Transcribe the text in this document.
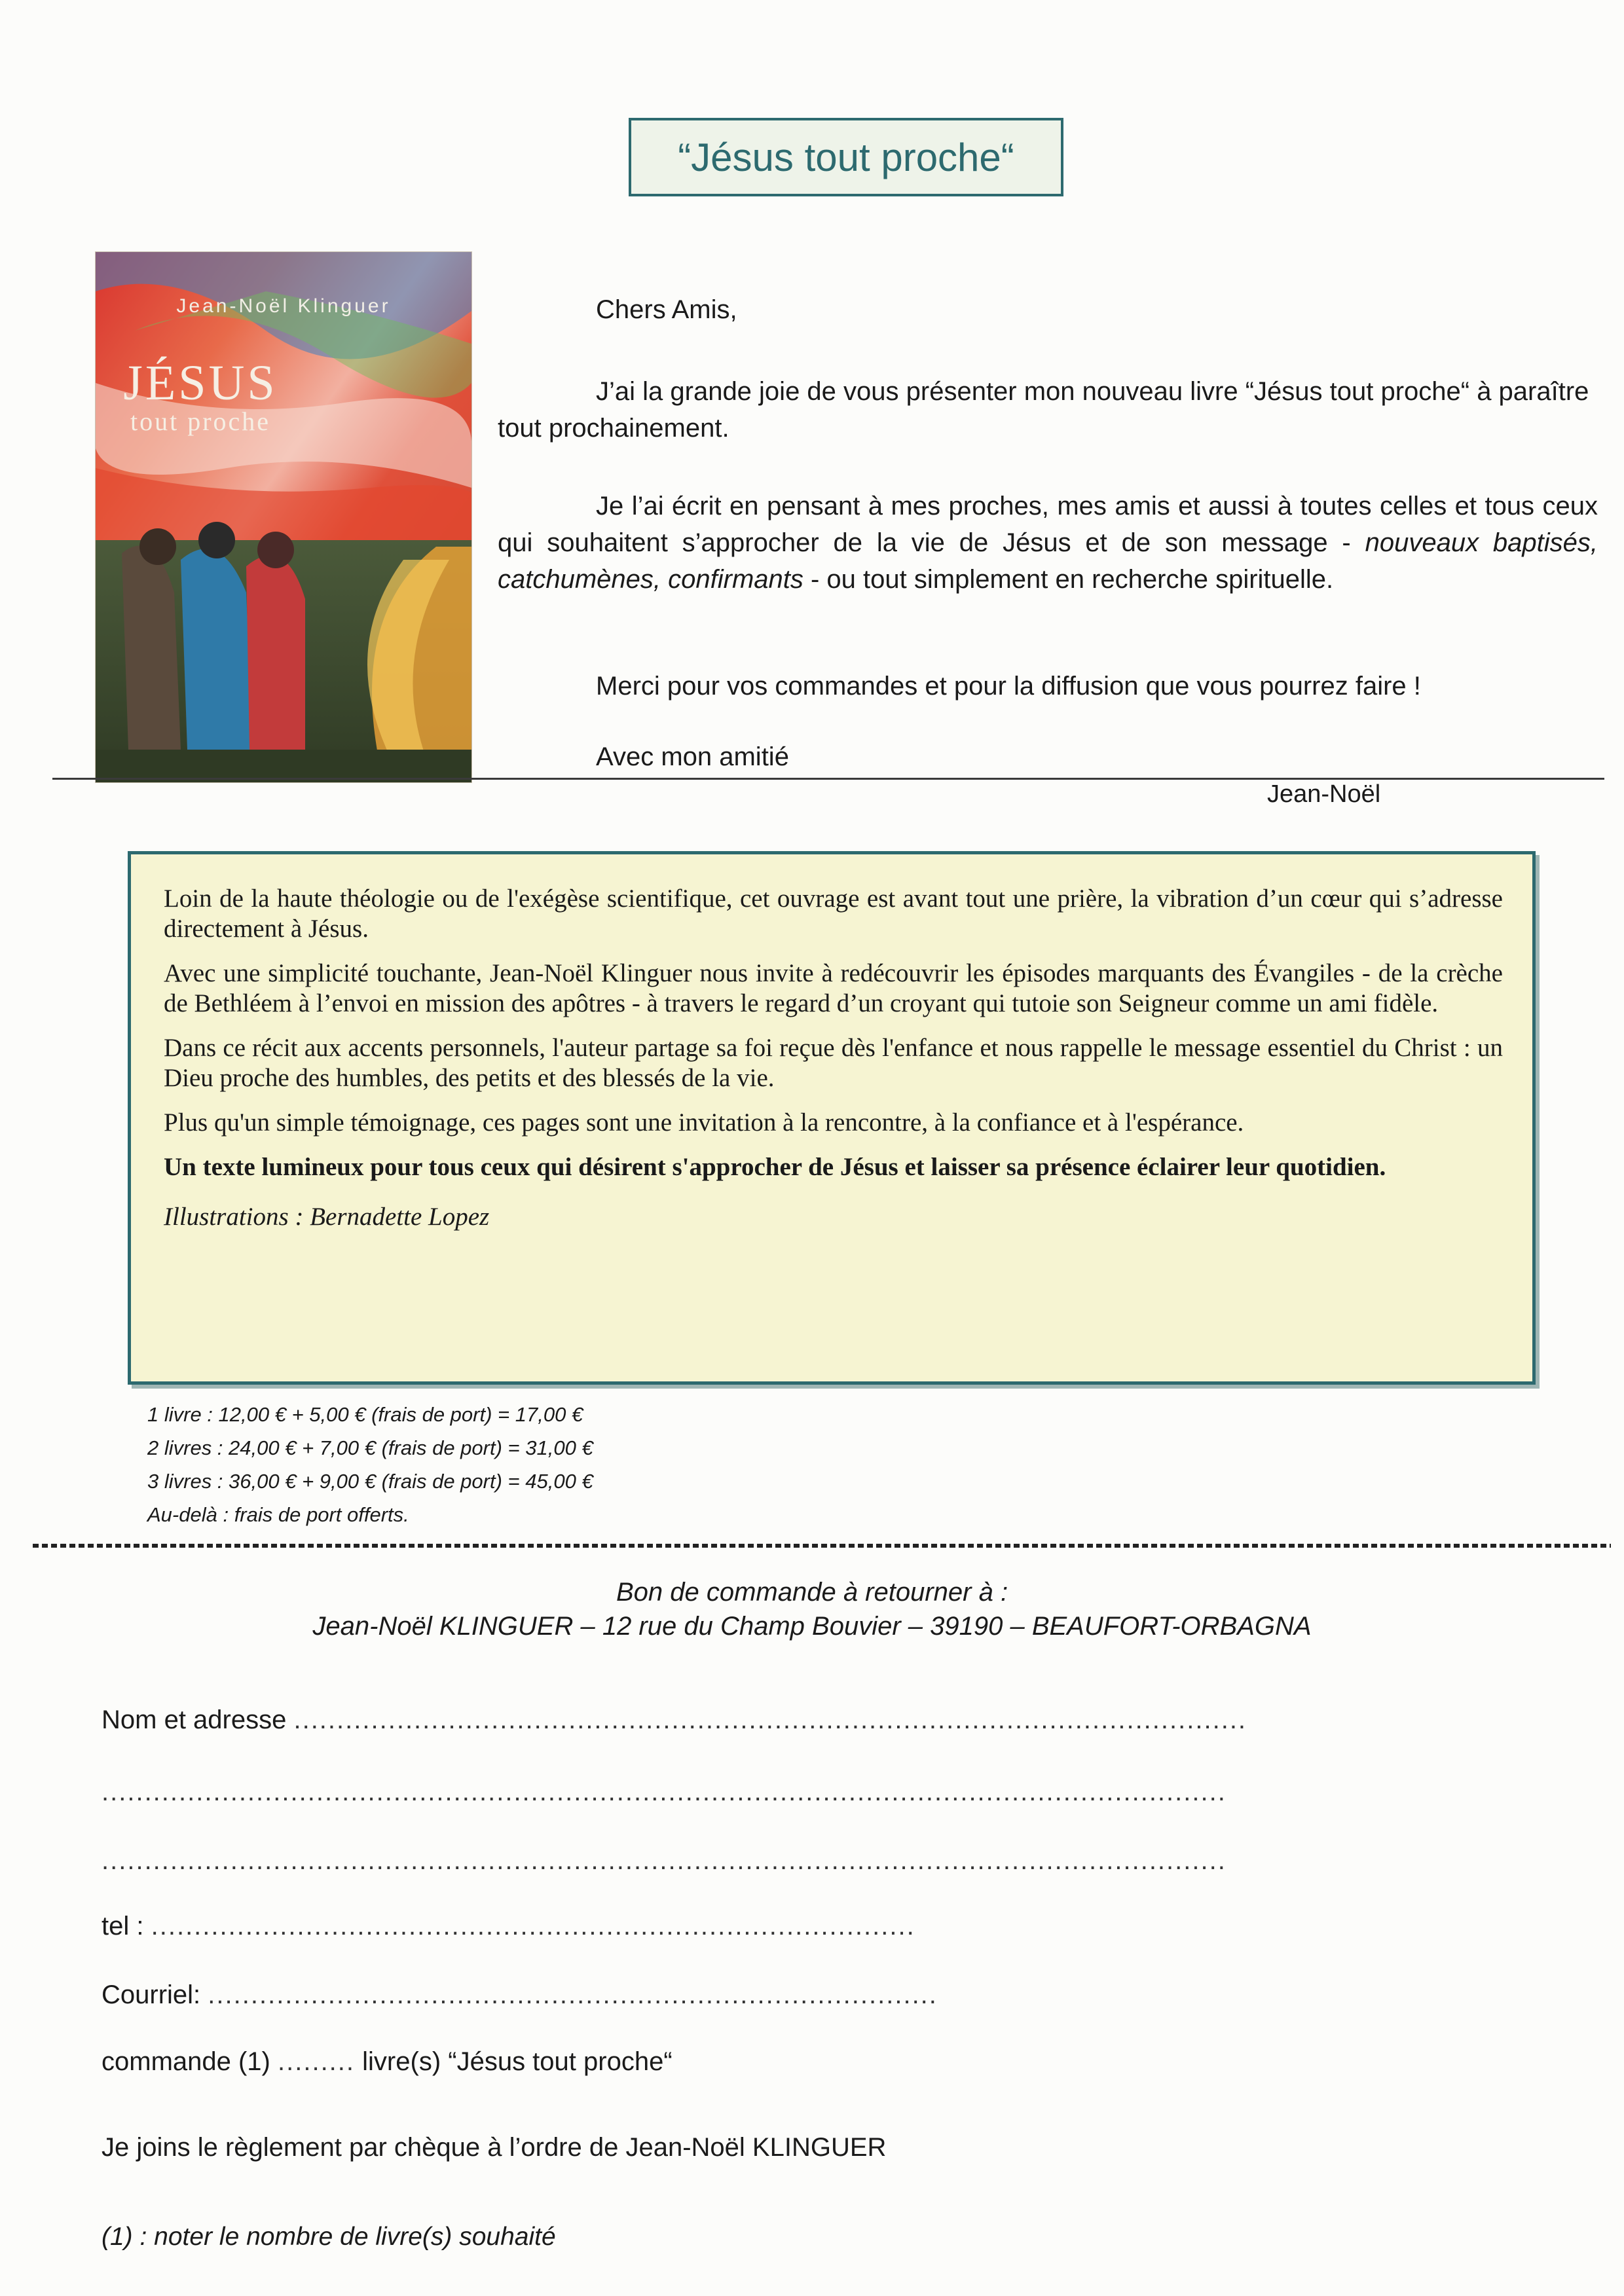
“Jésus tout proche“
Jean-Noël Klinguer
JÉSUS
tout proche
Chers Amis,
J’ai la grande joie de vous présenter mon nouveau livre “Jésus tout proche“ à paraître tout prochainement.
Je l’ai écrit en pensant à mes proches, mes amis et aussi à toutes celles et tous ceux qui souhaitent s’approcher de la vie de Jésus et de son message - nouveaux baptisés, catchumènes, confirmants - ou tout simplement en recherche spirituelle.
Merci pour vos commandes et pour la diffusion que vous pourrez faire !
Avec mon amitié
Jean-Noël

Loin de la haute théologie ou de l'exégèse scientifique, cet ouvrage est avant tout une prière, la vibration d’un cœur qui s’adresse directement à Jésus.

Avec une simplicité touchante, Jean-Noël Klinguer nous invite à redécouvrir les épisodes marquants des Évangiles - de la crèche de Bethléem à l’envoi en mission des apôtres - à travers le regard d’un croyant qui tutoie son Seigneur comme un ami fidèle.

Dans ce récit aux accents personnels, l'auteur partage sa foi reçue dès l'enfance et nous rappelle le message essentiel du Christ : un Dieu proche des humbles, des petits et des blessés de la vie.

Plus qu'un simple témoignage, ces pages sont une invitation à la rencontre, à la confiance et à l'espérance.

Un texte lumineux pour tous ceux qui désirent s'approcher de Jésus et laisser sa présence éclairer leur quotidien.

Illustrations : Bernadette Lopez

1 livre : 12,00 € + 5,00 € (frais de port) = 17,00 €
2 livres : 24,00 € + 7,00 € (frais de port) = 31,00 €
3 livres : 36,00 € + 9,00 € (frais de port) = 45,00 €
Au-delà : frais de port offerts.
Bon de commande à retourner à :
Jean-Noël KLINGUER – 12 rue du Champ Bouvier – 39190 – BEAUFORT-ORBAGNA
Nom et adresse ...............................................................................................................
...................................................................................................................................
...................................................................................................................................
tel : .........................................................................................
Courriel: .....................................................................................
commande (1) ......... livre(s) “Jésus tout proche“
Je joins le règlement par chèque à l’ordre de Jean-Noël KLINGUER
(1) : noter le nombre de livre(s) souhaité
